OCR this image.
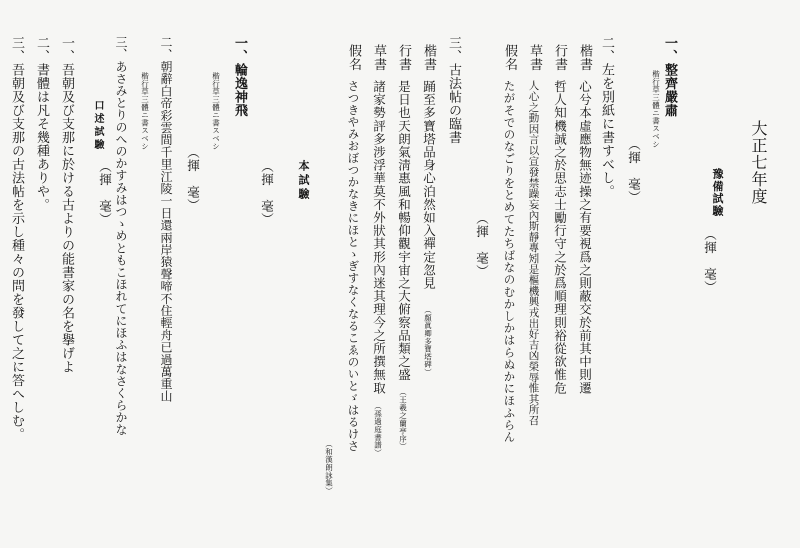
大正七年度
豫備試驗
（揮　毫）
一、整齊嚴肅
楷行草三體ニ書スベシ
（揮　毫）
二、左を別紙に書すべし。
楷書
心兮本虛應物無迹操之有要視爲之則蔽交於前其中則遷
行書
哲人知機誠之於思志士勵行守之於爲順理則裕從欲惟危
草書
人心之動因言以宣發禁躁妄內斯靜專矧是樞機興戎出好吉凶榮辱惟其所召
假名
たがそでのなごりをとめてたちばなのむかしかはらぬかにほふらん
（揮　毫）
三、古法帖の臨書
楷書
踊至多寶塔品身心泊然如入禪定忽見
（顏眞卿多寶塔碑）
行書
是日也天朗氣淸惠風和暢仰觀宇宙之大俯察品類之盛
（王羲之蘭亭序）
草書
諸家勢評多涉浮華莫不外狀其形內迷其理今之所撰無取
（孫過庭書譜）
假名
さつきやみおぼつかなきにほとゝぎすなくなるこゑのいとゞはるけさ
（和漢朗詠集）
本試驗
（揮　毫）
一、輪逸神飛
楷行草三體ニ書スベシ
（揮　毫）
二、朝辭白帝彩雲間千里江陵一日還兩岸猿聲啼不住輕舟已過萬重山
楷行草三體ニ書スベシ
三、あさみとりのへのかすみはつゝめともこほれてにほふはなさくらかな
（揮　毫）
口述試驗
一、吾朝及び支那に於ける古よりの能書家の名を擧げよ
二、書體は凡そ幾種ありや。
三、吾朝及び支那の古法帖を示し種々の問を發して之に答へしむ。
